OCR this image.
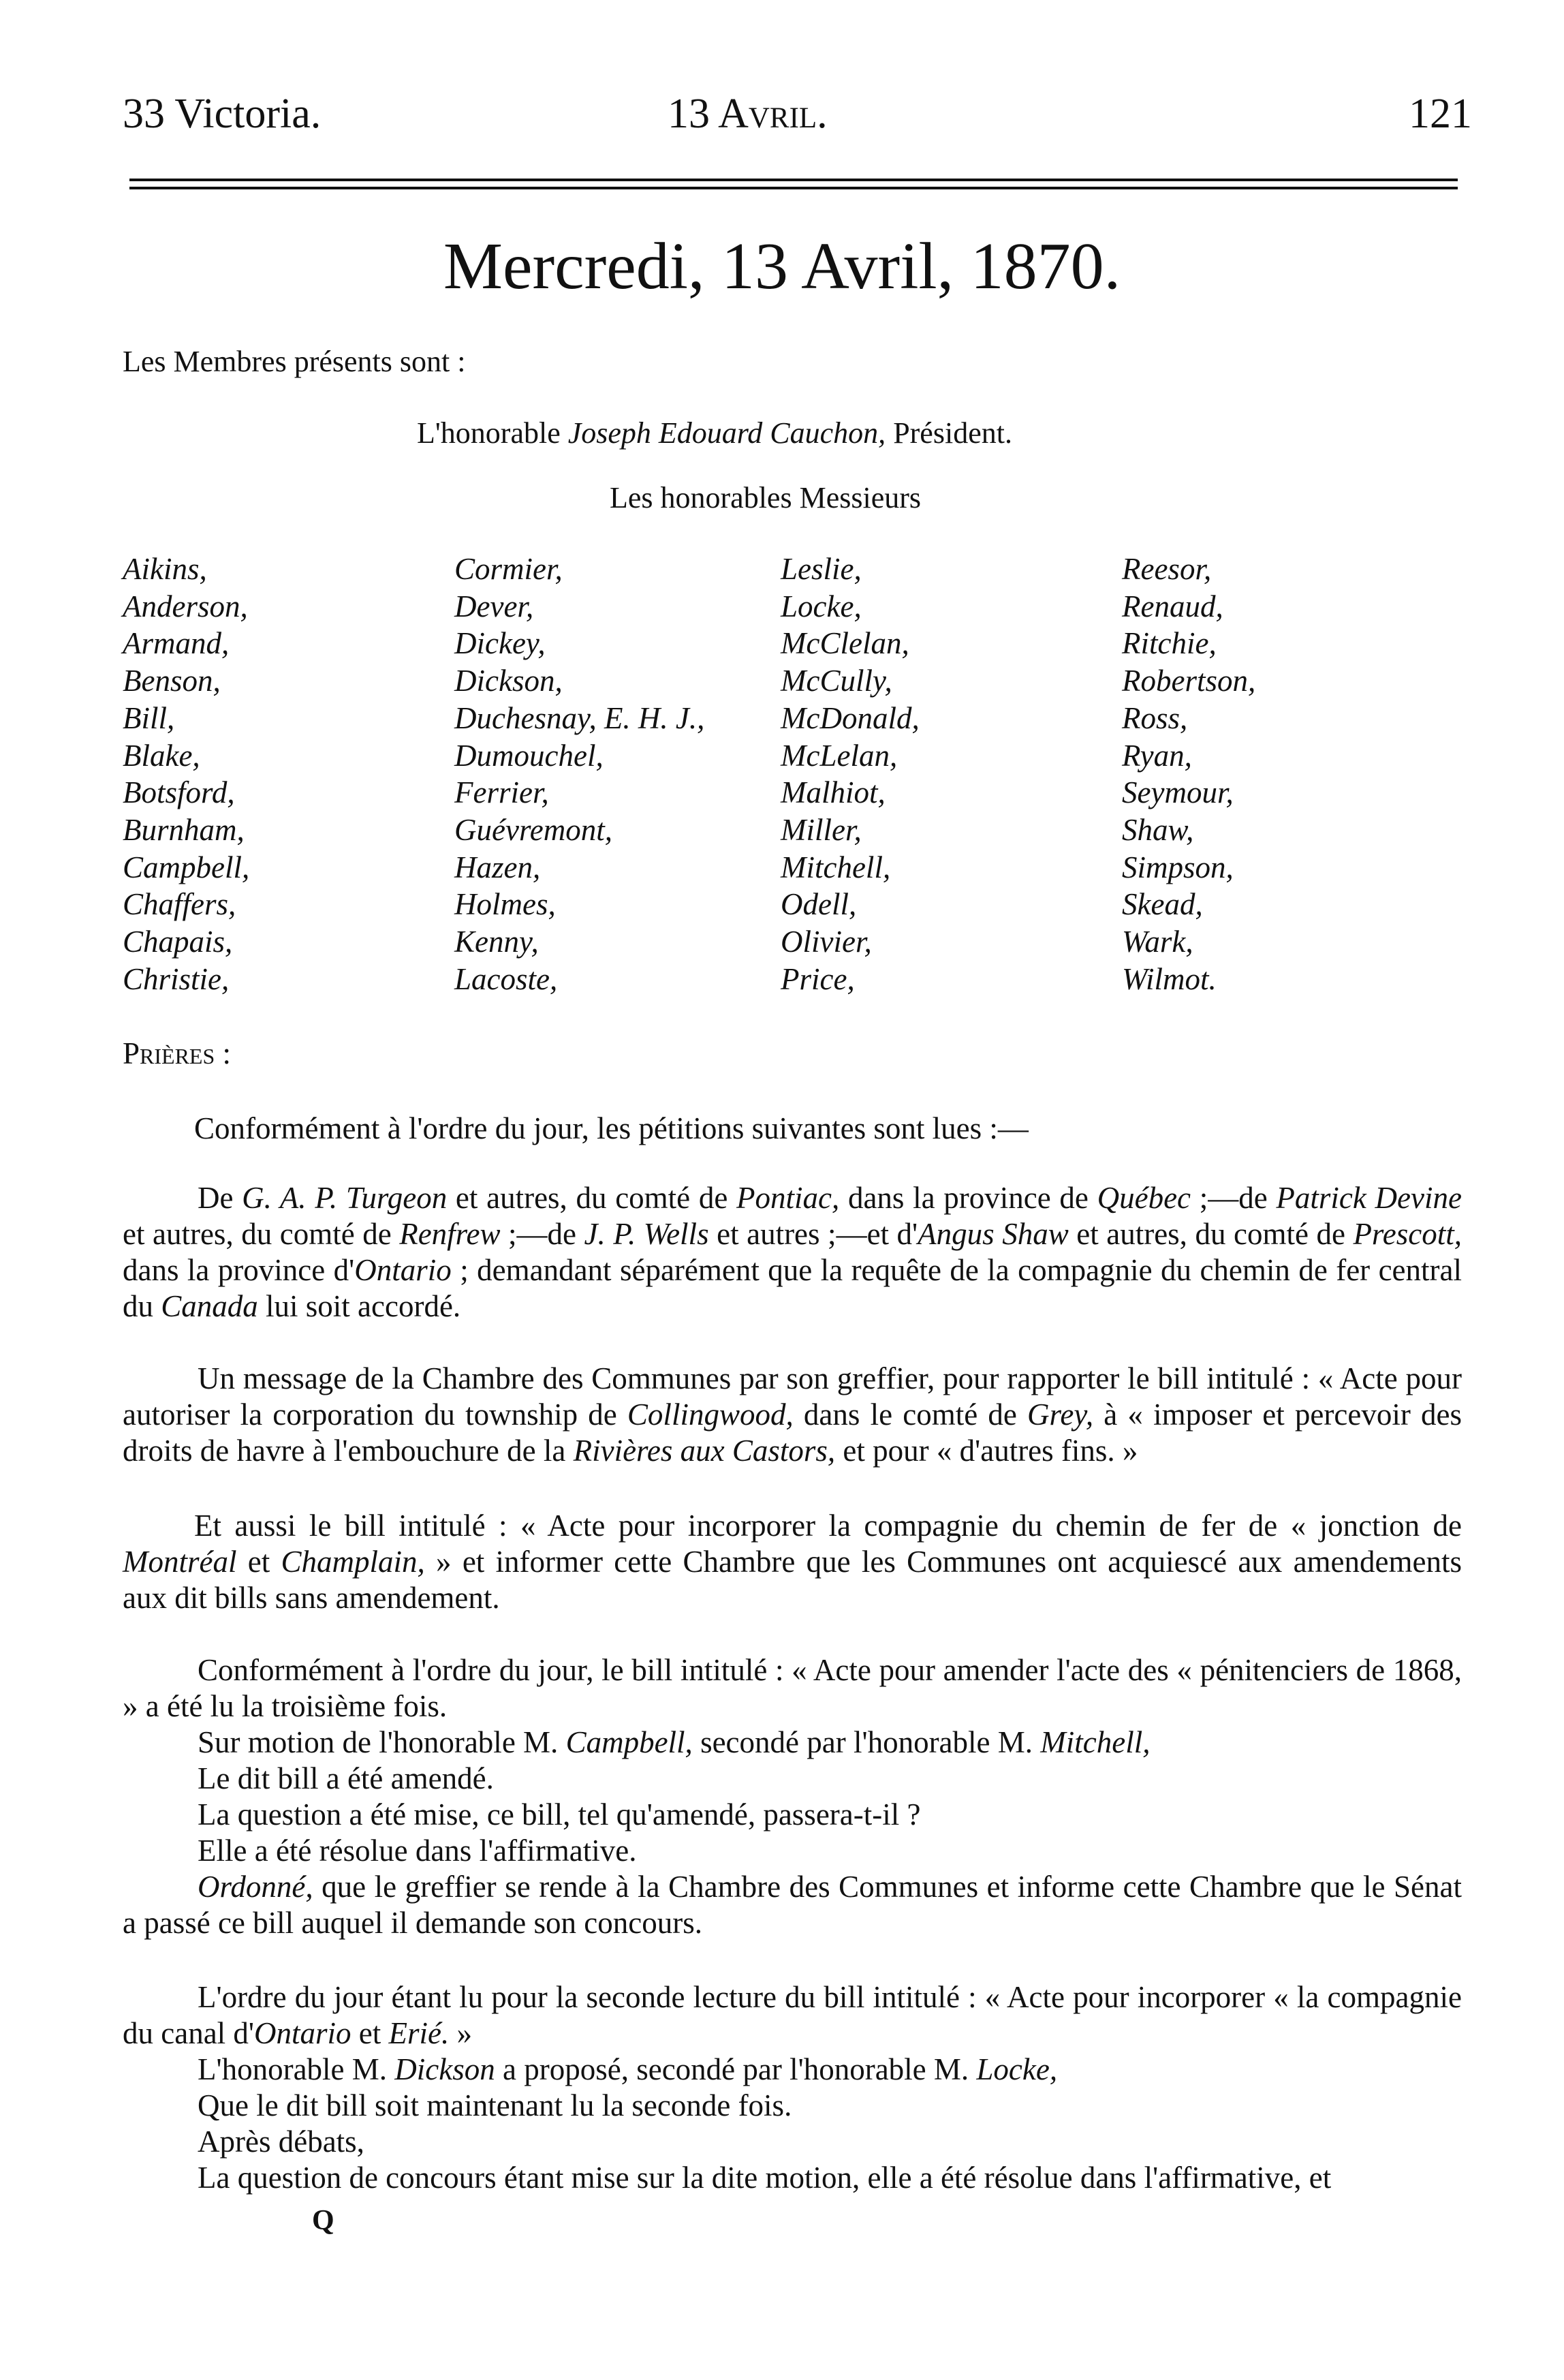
33 Victoria.	13 Avril.	121
Mercredi, 13 Avril, 1870.
Les Membres présents sont :
L'honorable Joseph Edouard Cauchon, Président.
Les honorables Messieurs
Aikins,
Anderson,
Armand,
Benson,
Bill,
Blake,
Botsford,
Burnham,
Campbell,
Chaffers,
Chapais,
Christie,
Cormier,
Dever,
Dickey,
Dickson,
Duchesnay, E. H. J.,
Dumouchel,
Ferrier,
Guévremont,
Hazen,
Holmes,
Kenny,
Lacoste,
Leslie,
Locke,
McClelan,
McCully,
McDonald,
McLelan,
Malhiot,
Miller,
Mitchell,
Odell,
Olivier,
Price,
Reesor,
Renaud,
Ritchie,
Robertson,
Ross,
Ryan,
Seymour,
Shaw,
Simpson,
Skead,
Wark,
Wilmot.
Prières :
Conformément à l'ordre du jour, les pétitions suivantes sont lues :—
De G. A. P. Turgeon et autres, du comté de Pontiac, dans la province de Québec ;—de Patrick Devine et autres, du comté de Renfrew ;—de J. P. Wells et autres ;—et d'Angus Shaw et autres, du comté de Prescott, dans la province d'Ontario ; demandant séparément que la requête de la compagnie du chemin de fer central du Canada lui soit accordé.
Un message de la Chambre des Communes par son greffier, pour rapporter le bill intitulé : « Acte pour autoriser la corporation du township de Collingwood, dans le comté de Grey, à « imposer et percevoir des droits de havre à l'embouchure de la Rivières aux Castors, et pour « d'autres fins. »
Et aussi le bill intitulé : « Acte pour incorporer la compagnie du chemin de fer de « jonction de Montréal et Champlain, » et informer cette Chambre que les Communes ont acquiescé aux amendements aux dit bills sans amendement.

Conformément à l'ordre du jour, le bill intitulé : « Acte pour amender l'acte des « pénitenciers de 1868, » a été lu la troisième fois.

Sur motion de l'honorable M. Campbell, secondé par l'honorable M. Mitchell,

Le dit bill a été amendé.

La question a été mise, ce bill, tel qu'amendé, passera-t-il ?

Elle a été résolue dans l'affirmative.

Ordonné, que le greffier se rende à la Chambre des Communes et informe cette Chambre que le Sénat a passé ce bill auquel il demande son concours.

L'ordre du jour étant lu pour la seconde lecture du bill intitulé : « Acte pour incorporer « la compagnie du canal d'Ontario et Erié. »

L'honorable M. Dickson a proposé, secondé par l'honorable M. Locke,

Que le dit bill soit maintenant lu la seconde fois.

Après débats,

La question de concours étant mise sur la dite motion, elle a été résolue dans l'affirmative, et

Q
